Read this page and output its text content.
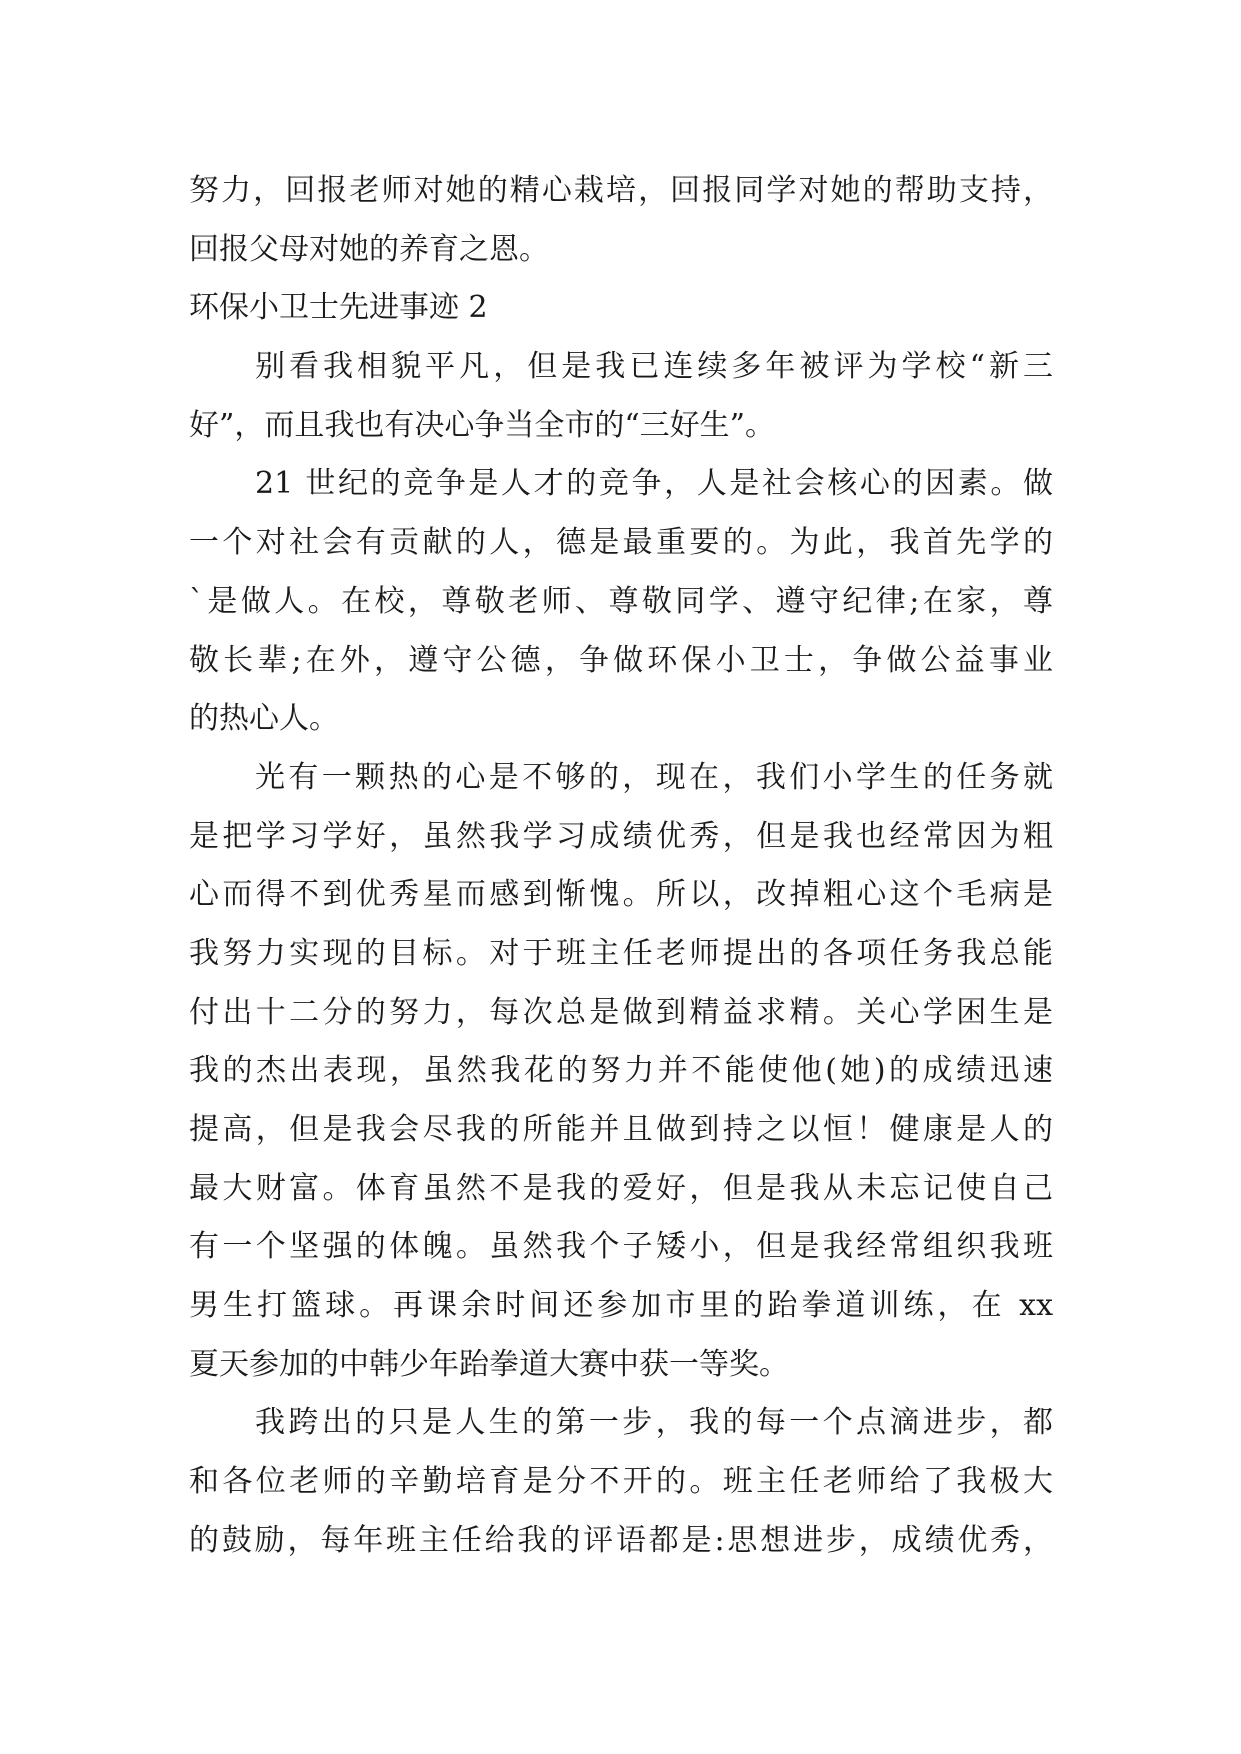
努力，回报老师对她的精心栽培，回报同学对她的帮助支持，
回报父母对她的养育之恩。
环保小卫士先进事迹 2
别看我相貌平凡，但是我已连续多年被评为学校“新三
好”，而且我也有决心争当全市的“三好生”。
21 世纪的竞争是人才的竞争，人是社会核心的因素。做
一个对社会有贡献的人，德是最重要的。为此，我首先学的
`是做人。在校，尊敬老师、尊敬同学、遵守纪律;在家，尊
敬长辈;在外，遵守公德，争做环保小卫士，争做公益事业
的热心人。
光有一颗热的心是不够的，现在，我们小学生的任务就
是把学习学好，虽然我学习成绩优秀，但是我也经常因为粗
心而得不到优秀星而感到惭愧。所以，改掉粗心这个毛病是
我努力实现的目标。对于班主任老师提出的各项任务我总能
付出十二分的努力，每次总是做到精益求精。关心学困生是
我的杰出表现，虽然我花的努力并不能使他(她)的成绩迅速
提高，但是我会尽我的所能并且做到持之以恒！健康是人的
最大财富。体育虽然不是我的爱好，但是我从未忘记使自己
有一个坚强的体魄。虽然我个子矮小，但是我经常组织我班
男生打篮球。再课余时间还参加市里的跆拳道训练，在 xx
夏天参加的中韩少年跆拳道大赛中获一等奖。
我跨出的只是人生的第一步，我的每一个点滴进步，都
和各位老师的辛勤培育是分不开的。班主任老师给了我极大
的鼓励，每年班主任给我的评语都是:思想进步，成绩优秀，
